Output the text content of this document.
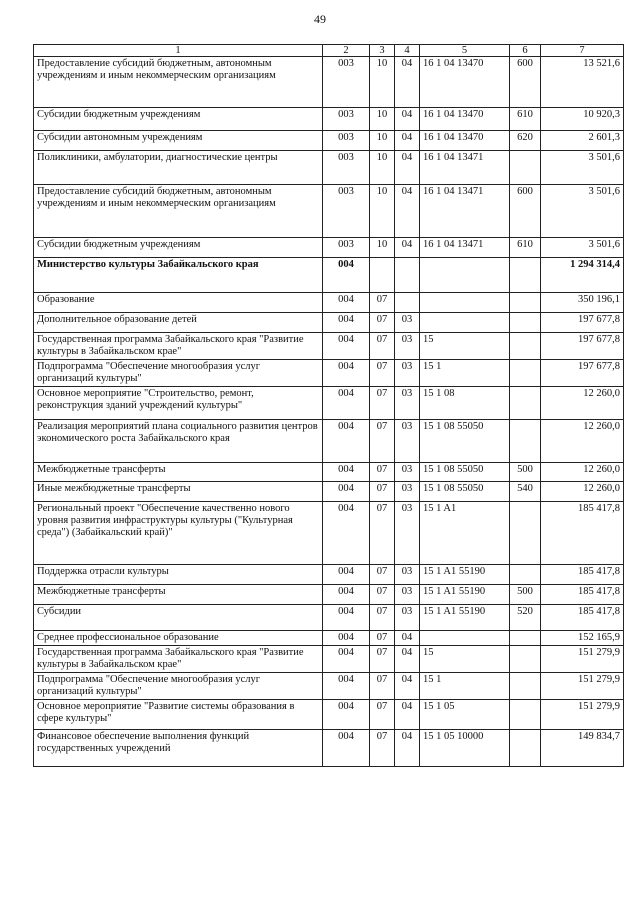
49
1	2	3	4	5	6	7
Предоставление субсидий бюджетным, автономным учреждениям и иным некоммерческим организациям	003	10	04	16 1 04 13470	600	13 521,6
Субсидии бюджетным учреждениям	003	10	04	16 1 04 13470	610	10 920,3
Субсидии автономным учреждениям	003	10	04	16 1 04 13470	620	2 601,3
Поликлиники, амбулатории, диагностические центры	003	10	04	16 1 04 13471		3 501,6
Предоставление субсидий бюджетным, автономным учреждениям и иным некоммерческим организациям	003	10	04	16 1 04 13471	600	3 501,6
Субсидии бюджетным учреждениям	003	10	04	16 1 04 13471	610	3 501,6
Министерство культуры Забайкальского края	004					1 294 314,4
Образование	004	07				350 196,1
Дополнительное образование детей	004	07	03			197 677,8
Государственная программа Забайкальского края "Развитие культуры в Забайкальском крае"	004	07	03	15		197 677,8
Подпрограмма "Обеспечение многообразия услуг организаций культуры"	004	07	03	15 1		197 677,8
Основное мероприятие "Строительство, ремонт, реконструкция зданий учреждений культуры"	004	07	03	15 1 08		12 260,0
Реализация мероприятий плана социального развития центров экономического роста Забайкальского края	004	07	03	15 1 08 55050		12 260,0
Межбюджетные трансферты	004	07	03	15 1 08 55050	500	12 260,0
Иные межбюджетные трансферты	004	07	03	15 1 08 55050	540	12 260,0
Региональный проект "Обеспечение качественно нового уровня развития инфраструктуры культуры ("Культурная среда") (Забайкальский край)"	004	07	03	15 1 A1		185 417,8
Поддержка отрасли культуры	004	07	03	15 1 A1 55190		185 417,8
Межбюджетные трансферты	004	07	03	15 1 A1 55190	500	185 417,8
Субсидии	004	07	03	15 1 A1 55190	520	185 417,8
Среднее профессиональное образование	004	07	04			152 165,9
Государственная программа Забайкальского края "Развитие культуры в Забайкальском крае"	004	07	04	15		151 279,9
Подпрограмма "Обеспечение многообразия услуг организаций культуры"	004	07	04	15 1		151 279,9
Основное мероприятие "Развитие системы образования в сфере культуры"	004	07	04	15 1 05		151 279,9
Финансовое обеспечение выполнения функций государственных учреждений	004	07	04	15 1 05 10000		149 834,7
